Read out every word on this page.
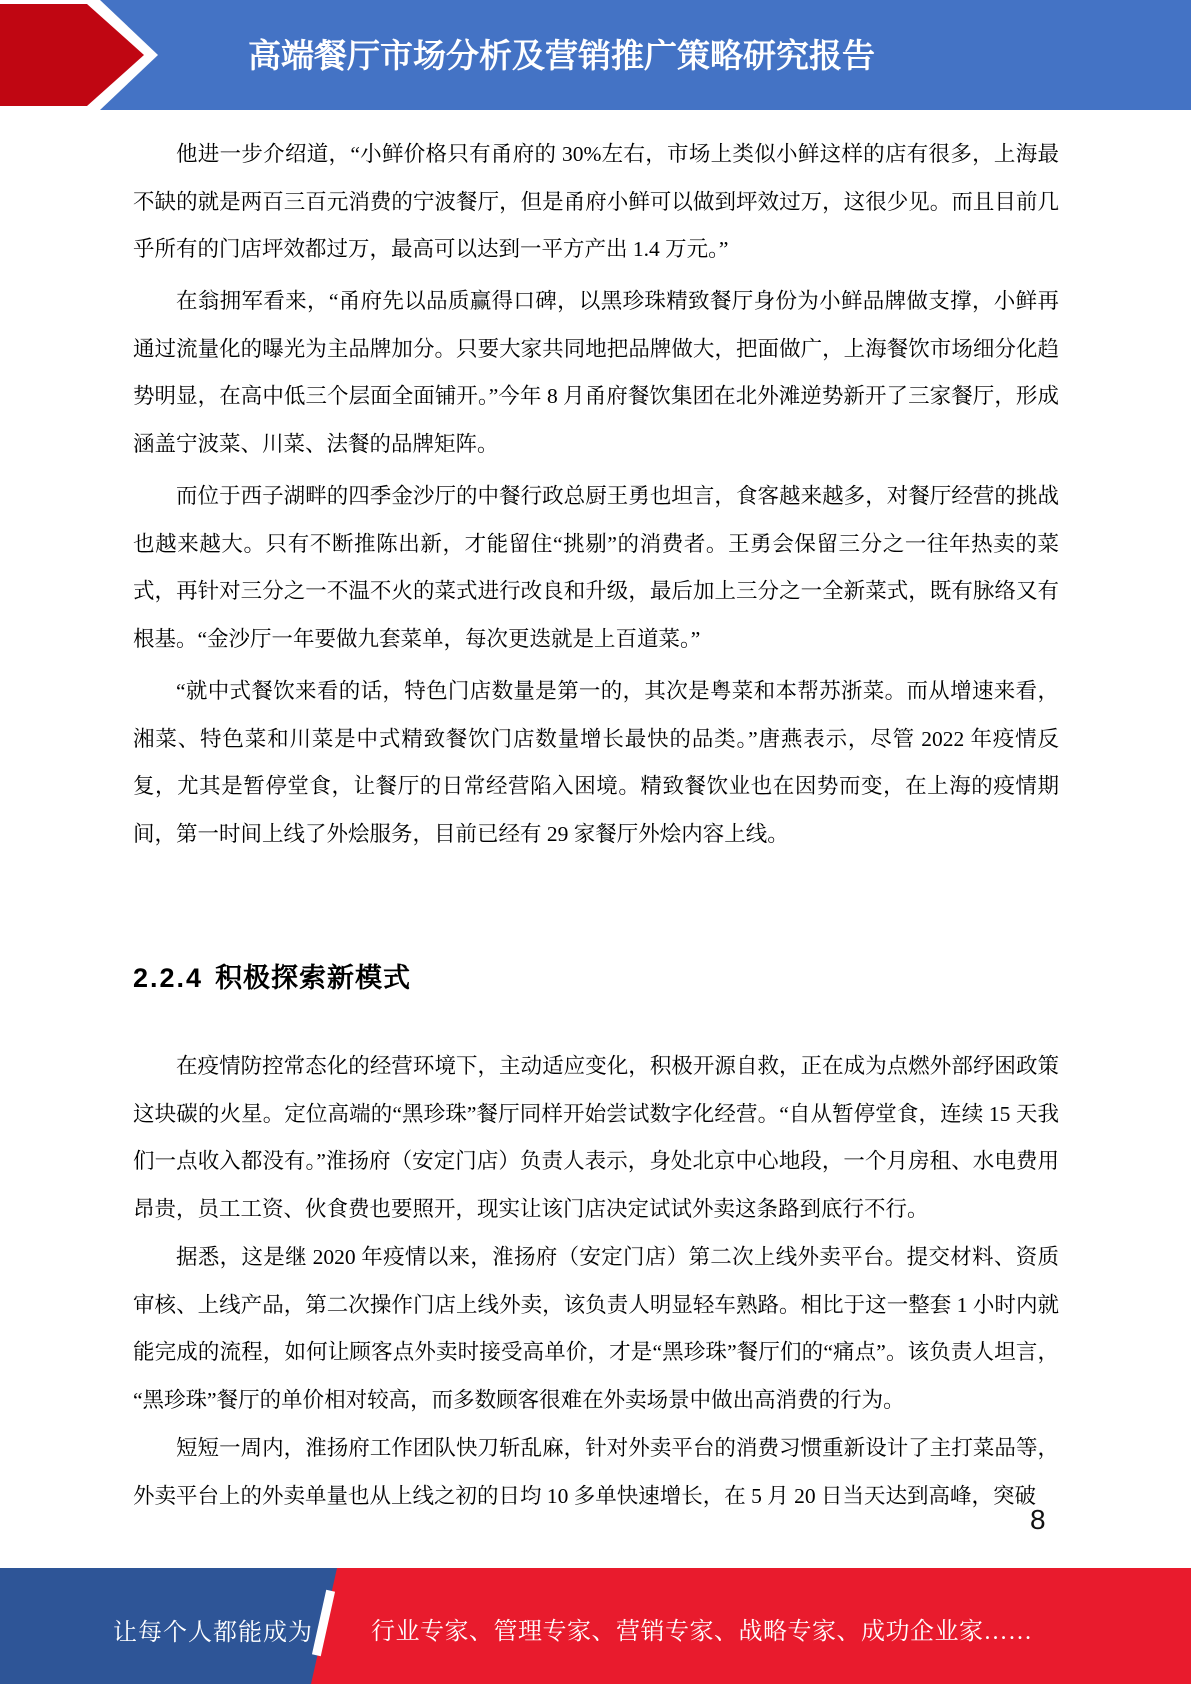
高端餐厅市场分析及营销推广策略研究报告

他进一步介绍道，“小鲜价格只有甬府的 30%左右，市场上类似小鲜这样的店有很多，上海最不缺的就是两百三百元消费的宁波餐厅，但是甬府小鲜可以做到坪效过万，这很少见。而且目前几乎所有的门店坪效都过万，最高可以达到一平方产出 1.4 万元。”

在翁拥军看来，“甬府先以品质赢得口碑，以黑珍珠精致餐厅身份为小鲜品牌做支撑，小鲜再通过流量化的曝光为主品牌加分。只要大家共同地把品牌做大，把面做广，上海餐饮市场细分化趋势明显，在高中低三个层面全面铺开。”今年 8 月甬府餐饮集团在北外滩逆势新开了三家餐厅，形成涵盖宁波菜、川菜、法餐的品牌矩阵。

而位于西子湖畔的四季金沙厅的中餐行政总厨王勇也坦言，食客越来越多，对餐厅经营的挑战也越来越大。只有不断推陈出新，才能留住“挑剔”的消费者。王勇会保留三分之一往年热卖的菜式，再针对三分之一不温不火的菜式进行改良和升级，最后加上三分之一全新菜式，既有脉络又有根基。“金沙厅一年要做九套菜单，每次更迭就是上百道菜。”

“就中式餐饮来看的话，特色门店数量是第一的，其次是粤菜和本帮苏浙菜。而从增速来看，湘菜、特色菜和川菜是中式精致餐饮门店数量增长最快的品类。”唐燕表示，尽管 2022 年疫情反复，尤其是暂停堂食，让餐厅的日常经营陷入困境。精致餐饮业也在因势而变，在上海的疫情期间，第一时间上线了外烩服务，目前已经有 29 家餐厅外烩内容上线。

2.2.4 积极探索新模式

在疫情防控常态化的经营环境下，主动适应变化，积极开源自救，正在成为点燃外部纾困政策这块碳的火星。定位高端的“黑珍珠”餐厅同样开始尝试数字化经营。“自从暂停堂食，连续 15 天我们一点收入都没有。”淮扬府（安定门店）负责人表示，身处北京中心地段，一个月房租、水电费用昂贵，员工工资、伙食费也要照开，现实让该门店决定试试外卖这条路到底行不行。

据悉，这是继 2020 年疫情以来，淮扬府（安定门店）第二次上线外卖平台。提交材料、资质审核、上线产品，第二次操作门店上线外卖，该负责人明显轻车熟路。相比于这一整套 1 小时内就能完成的流程，如何让顾客点外卖时接受高单价，才是“黑珍珠”餐厅们的“痛点”。该负责人坦言，“黑珍珠”餐厅的单价相对较高，而多数顾客很难在外卖场景中做出高消费的行为。

短短一周内，淮扬府工作团队快刀斩乱麻，针对外卖平台的消费习惯重新设计了主打菜品等，外卖平台上的外卖单量也从上线之初的日均 10 多单快速增长，在 5 月 20 日当天达到高峰，突破

8
让每个人都能成为 行业专家、管理专家、营销专家、战略专家、成功企业家……
